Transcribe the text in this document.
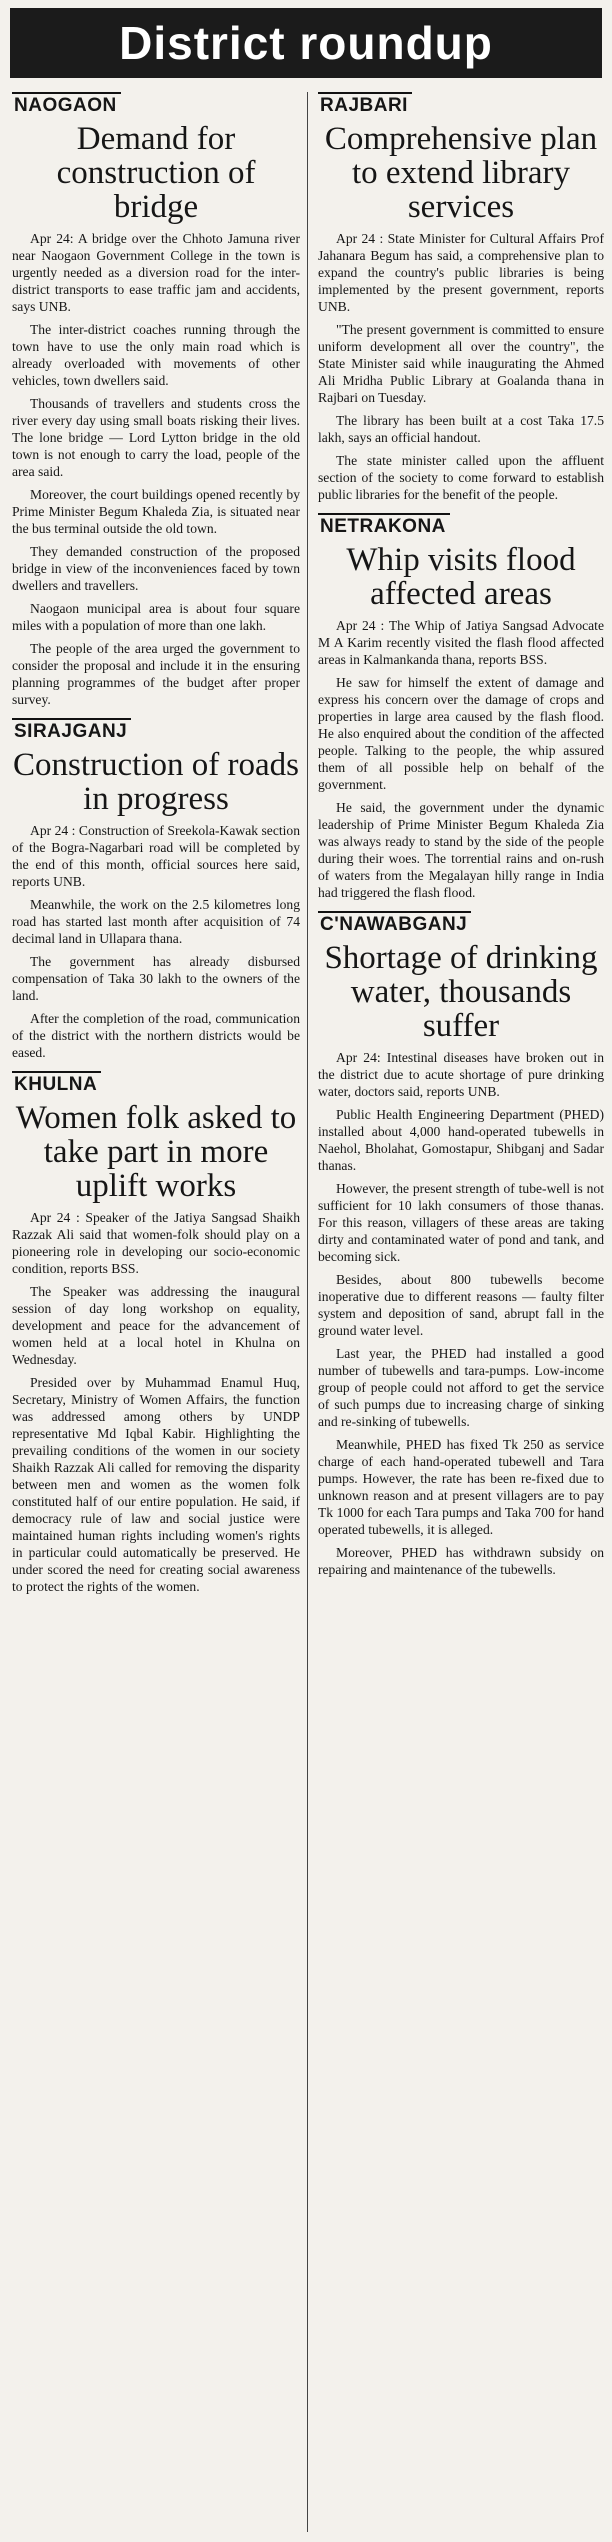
District roundup
NAOGAON
Demand for construction of bridge

Apr 24: A bridge over the Chhoto Jamuna river near Naogaon Government College in the town is urgently needed as a diversion road for the inter-district transports to ease traffic jam and accidents, says UNB.

The inter-district coaches running through the town have to use the only main road which is already overloaded with movements of other vehicles, town dwellers said.

Thousands of travellers and students cross the river every day using small boats risking their lives. The lone bridge — Lord Lytton bridge in the old town is not enough to carry the load, people of the area said.

Moreover, the court buildings opened recently by Prime Minister Begum Khaleda Zia, is situated near the bus terminal outside the old town.

They demanded construction of the proposed bridge in view of the inconveniences faced by town dwellers and travellers.

Naogaon municipal area is about four square miles with a population of more than one lakh.

The people of the area urged the government to consider the proposal and include it in the ensuring planning programmes of the budget after proper survey.

SIRAJGANJ
Construction of roads in progress

Apr 24 : Construction of Sreekola-Kawak section of the Bogra-Nagarbari road will be completed by the end of this month, official sources here said, reports UNB.

Meanwhile, the work on the 2.5 kilometres long road has started last month after acquisition of 74 decimal land in Ullapara thana.

The government has already disbursed compensation of Taka 30 lakh to the owners of the land.

After the completion of the road, communication of the district with the northern districts would be eased.

KHULNA
Women folk asked to take part in more uplift works

Apr 24 : Speaker of the Jatiya Sangsad Shaikh Razzak Ali said that women-folk should play on a pioneering role in developing our socio-economic condition, reports BSS.

The Speaker was addressing the inaugural session of day long workshop on equality, development and peace for the advancement of women held at a local hotel in Khulna on Wednesday.

Presided over by Muhammad Enamul Huq, Secretary, Ministry of Women Affairs, the function was addressed among others by UNDP representative Md Iqbal Kabir. Highlighting the prevailing conditions of the women in our society Shaikh Razzak Ali called for removing the disparity between men and women as the women folk constituted half of our entire population. He said, if democracy rule of law and social justice were maintained human rights including women's rights in particular could automatically be preserved. He under scored the need for creating social awareness to protect the rights of the women.

RAJBARI
Comprehensive plan to extend library services

Apr 24 : State Minister for Cultural Affairs Prof Jahanara Begum has said, a comprehensive plan to expand the country's public libraries is being implemented by the present government, reports UNB.

"The present government is committed to ensure uniform development all over the country", the State Minister said while inaugurating the Ahmed Ali Mridha Public Library at Goalanda thana in Rajbari on Tuesday.

The library has been built at a cost Taka 17.5 lakh, says an official handout.

The state minister called upon the affluent section of the society to come forward to establish public libraries for the benefit of the people.

NETRAKONA
Whip visits flood affected areas

Apr 24 : The Whip of Jatiya Sangsad Advocate M A Karim recently visited the flash flood affected areas in Kalmankanda thana, reports BSS.

He saw for himself the extent of damage and express his concern over the damage of crops and properties in large area caused by the flash flood. He also enquired about the condition of the affected people. Talking to the people, the whip assured them of all possible help on behalf of the government.

He said, the government under the dynamic leadership of Prime Minister Begum Khaleda Zia was always ready to stand by the side of the people during their woes. The torrential rains and on-rush of waters from the Megalayan hilly range in India had triggered the flash flood.

C'NAWABGANJ
Shortage of drinking water, thousands suffer

Apr 24: Intestinal diseases have broken out in the district due to acute shortage of pure drinking water, doctors said, reports UNB.

Public Health Engineering Department (PHED) installed about 4,000 hand-operated tubewells in Naehol, Bholahat, Gomostapur, Shibganj and Sadar thanas.

However, the present strength of tube-well is not sufficient for 10 lakh consumers of those thanas. For this reason, villagers of these areas are taking dirty and contaminated water of pond and tank, and becoming sick.

Besides, about 800 tubewells become inoperative due to different reasons — faulty filter system and deposition of sand, abrupt fall in the ground water level.

Last year, the PHED had installed a good number of tubewells and tara-pumps. Low-income group of people could not afford to get the service of such pumps due to increasing charge of sinking and re-sinking of tubewells.

Meanwhile, PHED has fixed Tk 250 as service charge of each hand-operated tubewell and Tara pumps. However, the rate has been re-fixed due to unknown reason and at present villagers are to pay Tk 1000 for each Tara pumps and Taka 700 for hand operated tubewells, it is alleged.

Moreover, PHED has withdrawn subsidy on repairing and maintenance of the tubewells.
